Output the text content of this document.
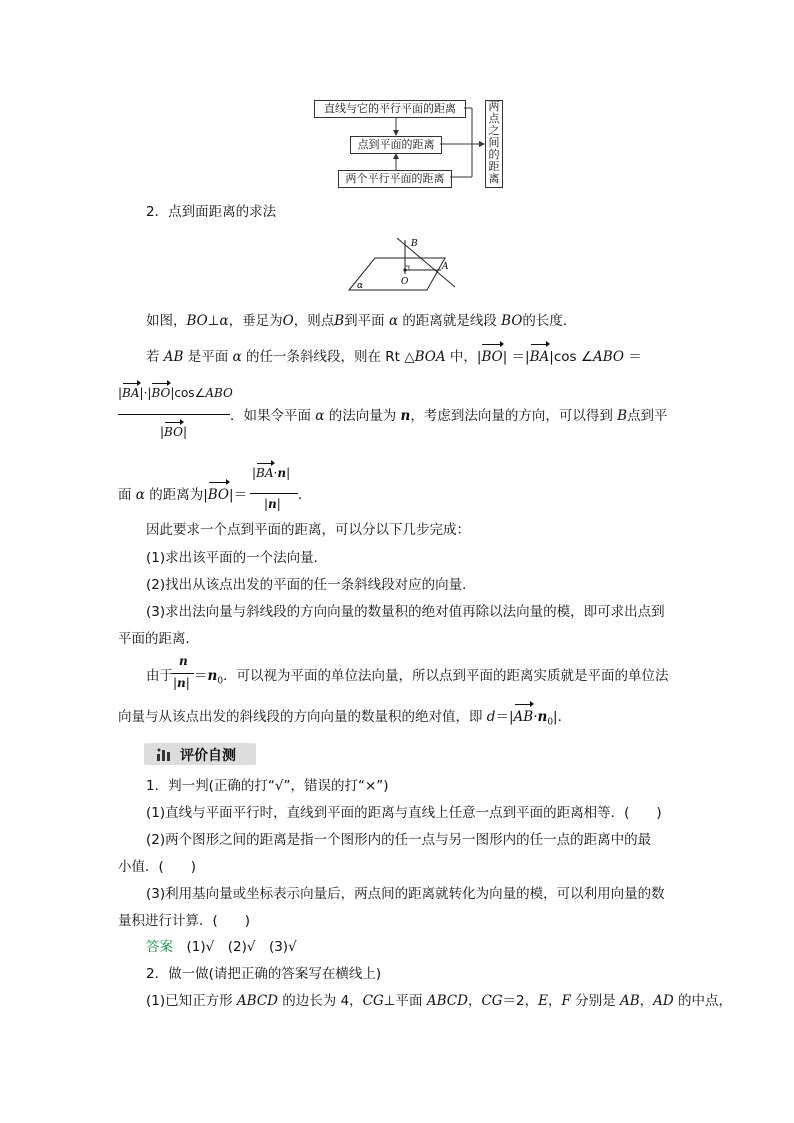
直线与它的平行平面的距离
点到平面的距离
两个平行平面的距离
两
点
之
间
的
距
离
2．点到面距离的求法
B
O
A
α
如图，BO⊥α，垂足为O，则点B到平面 α 的距离就是线段 BO的长度．
若 AB 是平面 α 的任一条斜线段，则在 Rt △BOA 中，|BO| ＝|BA|cos ∠ABO ＝
|BA|·|BO|cos∠ABO
|BO|
．如果令平面 α 的法向量为 n，考虑到法向量的方向，可以得到 B点到平
面 α 的距离为|BO|＝
|BA·n|
|n|
．
因此要求一个点到平面的距离，可以分以下几步完成：
(1)求出该平面的一个法向量．
(2)找出从该点出发的平面的任一条斜线段对应的向量．
(3)求出法向量与斜线段的方向向量的数量积的绝对值再除以法向量的模，即可求出点到
平面的距离．
由于
n
$|n| =n_0$．可以视为平面的单位法向量，所以点到平面的距离实质就是平面的单位法
向量与从该点出发的斜线段的方向向量的数量积的绝对值，即 $d=|AB\cdot n_0|$．
评价自测
1．判一判(正确的打“√”，错误的打“×”)
(1)直线与平面平行时，直线到平面的距离与直线上任意一点到平面的距离相等．(　　)
(2)两个图形之间的距离是指一个图形内的任一点与另一图形内的任一点的距离中的最
小值．(　　)
(3)利用基向量或坐标表示向量后，两点间的距离就转化为向量的模，可以利用向量的数
量积进行计算．(　　)
答案　 (1)√　(2)√　(3)√
2．做一做(请把正确的答案写在横线上)
(1)已知正方形 ABCD 的边长为 4，CG⊥平面 ABCD，CG＝2，E，F 分别是 AB，AD 的中点，
